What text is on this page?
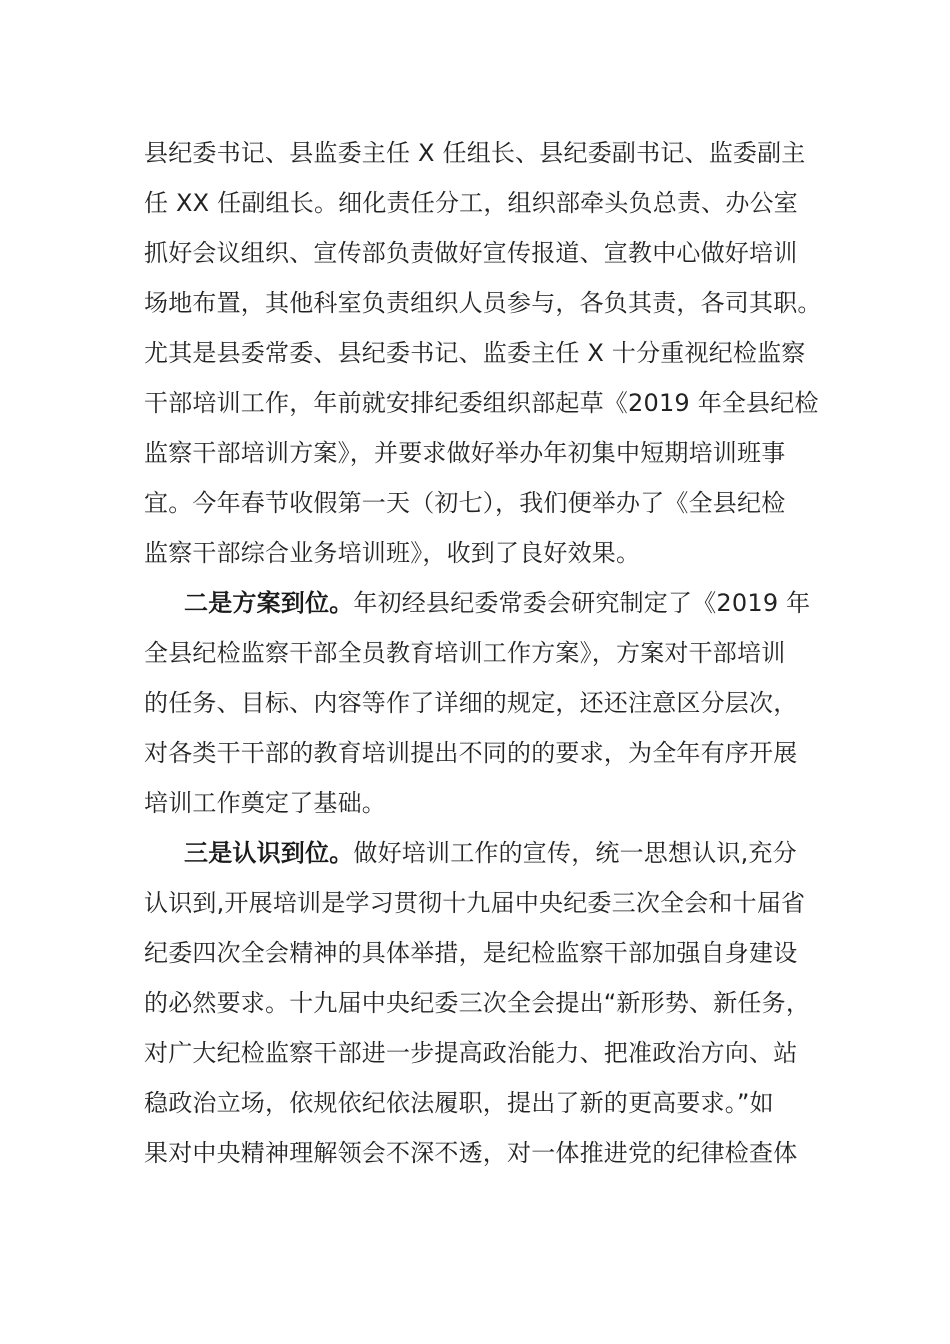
县纪委书记、县监委主任 X 任组长、县纪委副书记、监委副主
任 XX 任副组长。细化责任分工，组织部牵头负总责、办公室
抓好会议组织、宣传部负责做好宣传报道、宣教中心做好培训
场地布置，其他科室负责组织人员参与，各负其责，各司其职。
尤其是县委常委、县纪委书记、监委主任 X 十分重视纪检监察
干部培训工作，年前就安排纪委组织部起草《2019 年全县纪检
监察干部培训方案》，并要求做好举办年初集中短期培训班事
宜。今年春节收假第一天（初七），我们便举办了《全县纪检
监察干部综合业务培训班》，收到了良好效果。
二是方案到位。年初经县纪委常委会研究制定了《2019 年
全县纪检监察干部全员教育培训工作方案》，方案对干部培训
的任务、目标、内容等作了详细的规定，还还注意区分层次，
对各类干干部的教育培训提出不同的的要求，为全年有序开展
培训工作奠定了基础。
三是认识到位。做好培训工作的宣传，统一思想认识,充分
认识到,开展培训是学习贯彻十九届中央纪委三次全会和十届省
纪委四次全会精神的具体举措，是纪检监察干部加强自身建设
的必然要求。十九届中央纪委三次全会提出“新形势、新任务，
对广大纪检监察干部进一步提高政治能力、把准政治方向、站
稳政治立场，依规依纪依法履职，提出了新的更高要求。”如
果对中央精神理解领会不深不透，对一体推进党的纪律检查体
